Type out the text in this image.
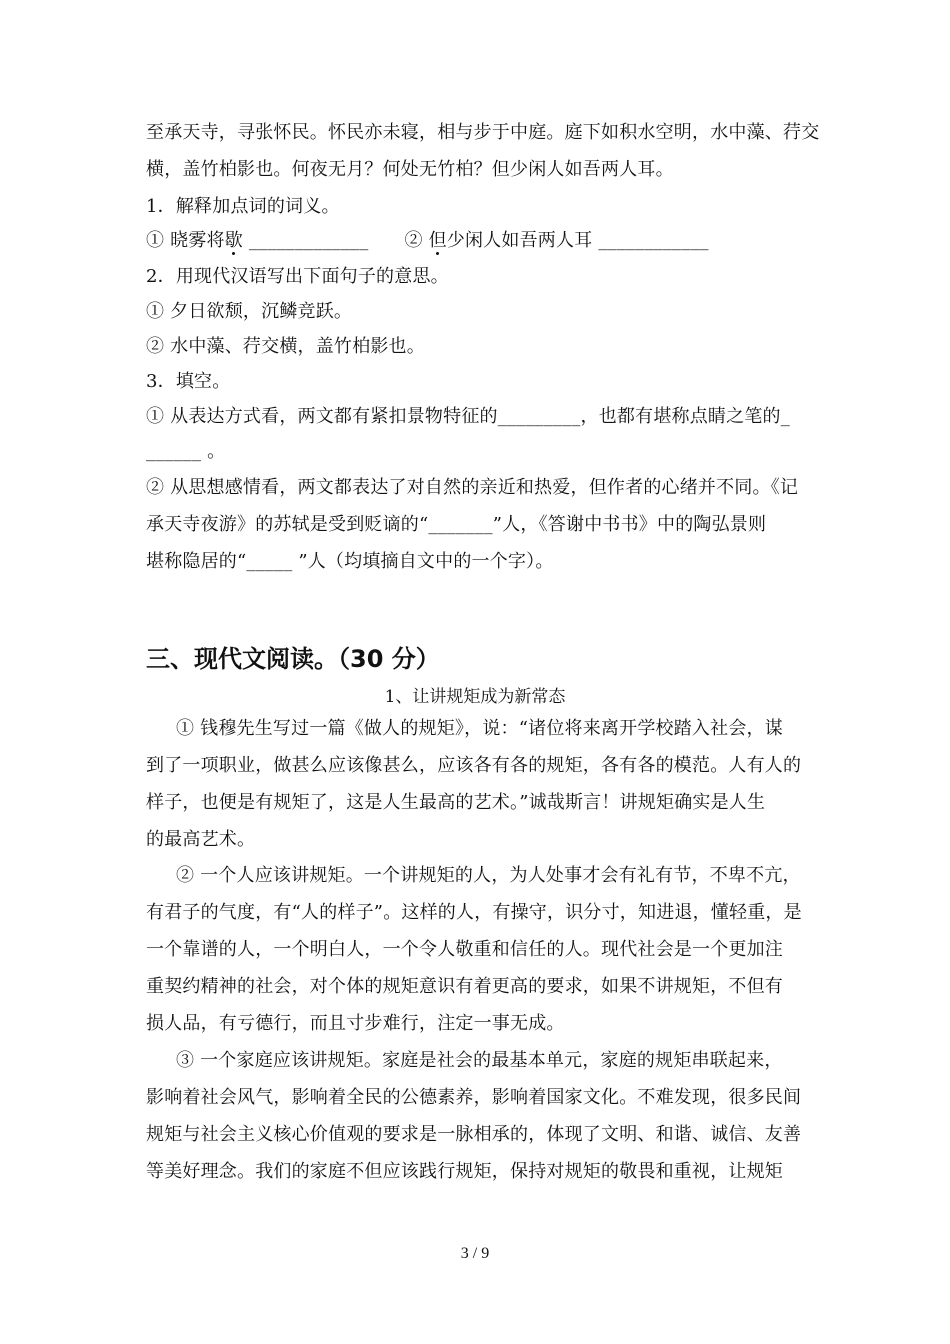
至承天寺，寻张怀民。怀民亦未寝，相与步于中庭。庭下如积水空明，水中藻、荇交
横，盖竹柏影也。何夜无月？何处无竹柏？但少闲人如吾两人耳。
1．解释加点词的词义。
① 晓雾将歇 _____________ ② 但少闲人如吾两人耳 ____________
2．用现代汉语写出下面句子的意思。
① 夕日欲颓，沉鳞竞跃。
② 水中藻、荇交横，盖竹柏影也。
3．填空。
① 从表达方式看，两文都有紧扣景物特征的_________，也都有堪称点睛之笔的_
______ 。
② 从思想感情看，两文都表达了对自然的亲近和热爱，但作者的心绪并不同。《记
承天寺夜游》的苏轼是受到贬谪的“_______”人，《答谢中书书》中的陶弘景则
堪称隐居的“_____ ”人（均填摘自文中的一个字）。
三、现代文阅读。（30 分）
1、让讲规矩成为新常态
① 钱穆先生写过一篇《做人的规矩》，说：“诸位将来离开学校踏入社会，谋
到了一项职业，做甚么应该像甚么，应该各有各的规矩，各有各的模范。人有人的
样子，也便是有规矩了，这是人生最高的艺术。”诚哉斯言！讲规矩确实是人生
的最高艺术。
② 一个人应该讲规矩。一个讲规矩的人，为人处事才会有礼有节，不卑不亢，
有君子的气度，有“人的样子”。这样的人，有操守，识分寸，知进退，懂轻重，是
一个靠谱的人，一个明白人，一个令人敬重和信任的人。现代社会是一个更加注
重契约精神的社会，对个体的规矩意识有着更高的要求，如果不讲规矩，不但有
损人品，有亏德行，而且寸步难行，注定一事无成。
③ 一个家庭应该讲规矩。家庭是社会的最基本单元，家庭的规矩串联起来，
影响着社会风气，影响着全民的公德素养，影响着国家文化。不难发现，很多民间
规矩与社会主义核心价值观的要求是一脉相承的，体现了文明、和谐、诚信、友善
等美好理念。我们的家庭不但应该践行规矩，保持对规矩的敬畏和重视，让规矩
3 / 9
